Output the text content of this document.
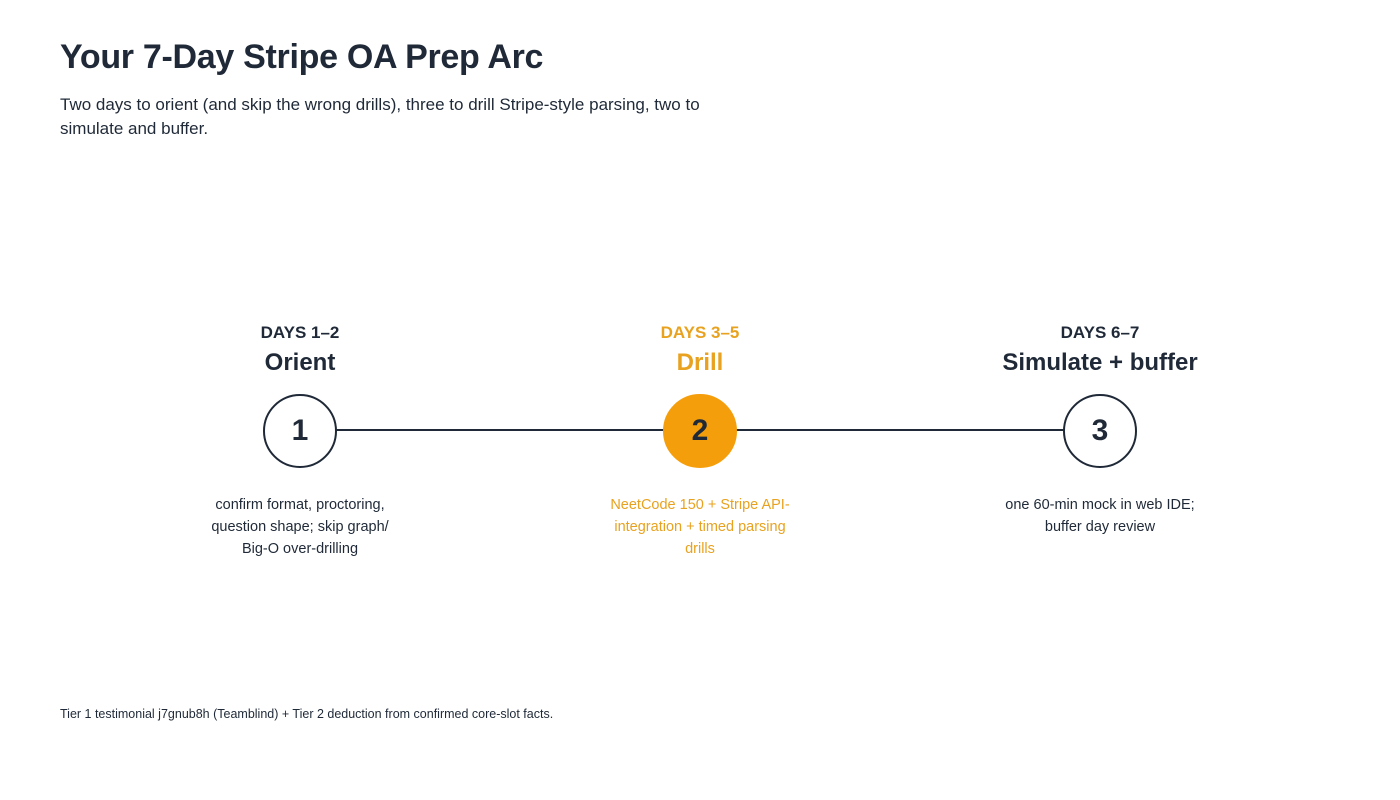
Your 7-Day Stripe OA Prep Arc

Two days to orient (and skip the wrong drills), three to drill Stripe-style parsing, two to simulate and buffer.

DAYS 1–2
Orient
1
confirm format, proctoring, question shape; skip graph/ Big-O over-drilling
DAYS 3–5
Drill
2
NeetCode 150 + Stripe API-integration + timed parsing drills
DAYS 6–7
Simulate + buffer
3
one 60-min mock in web IDE; buffer day review

Tier 1 testimonial j7gnub8h (Teamblind) + Tier 2 deduction from confirmed core-slot facts.
